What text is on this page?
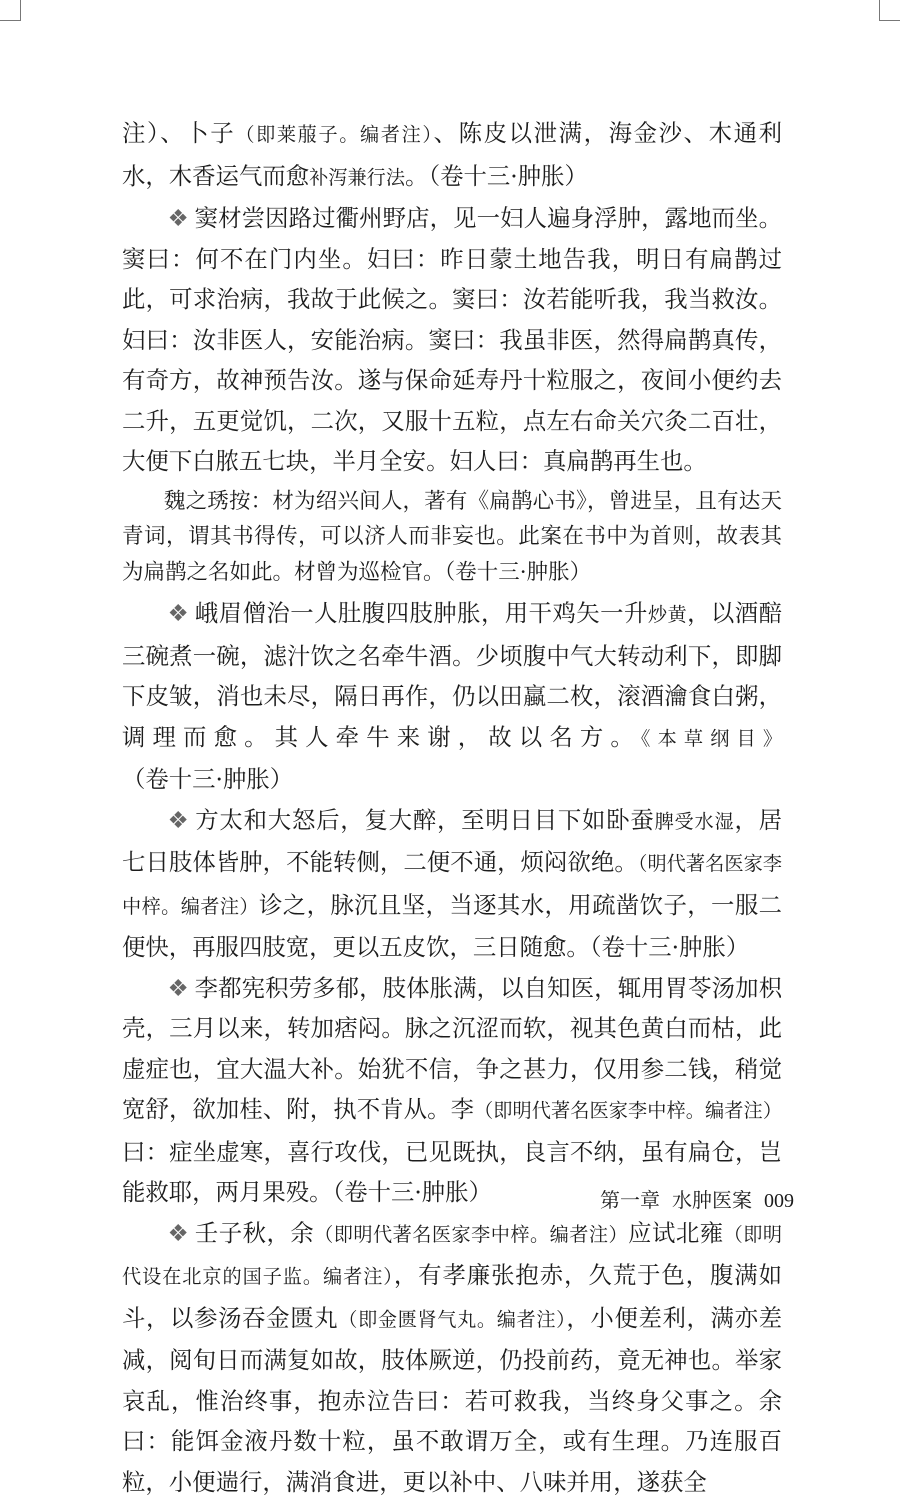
注）、卜子（即莱菔子。编者注）、陈皮以泄满，海金沙、木通利水，木香运气而愈补泻兼行法。（卷十三·肿胀）

❖ 窦材尝因路过衢州野店，见一妇人遍身浮肿，露地而坐。窦曰：何不在门内坐。妇曰：昨日蒙土地告我，明日有扁鹊过此，可求治病，我故于此候之。窦曰：汝若能听我，我当救汝。妇曰：汝非医人，安能治病。窦曰：我虽非医，然得扁鹊真传，有奇方，故神预告汝。遂与保命延寿丹十粒服之，夜间小便约去二升，五更觉饥，二次，又服十五粒，点左右命关穴灸二百壮，大便下白脓五七块，半月全安。妇人曰：真扁鹊再生也。

魏之琇按：材为绍兴间人，著有《扁鹊心书》，曾进呈，且有达天青词，谓其书得传，可以济人而非妄也。此案在书中为首则，故表其为扁鹊之名如此。材曾为巡检官。（卷十三·肿胀）

❖ 峨眉僧治一人肚腹四肢肿胀，用干鸡矢一升炒黄，以酒醅三碗煮一碗，滤汁饮之名牵牛酒。少顷腹中气大转动利下，即脚下皮皱，消也未尽，隔日再作，仍以田蠃二枚，滚酒瀹食白粥，调理而愈。其人牵牛来谢，故以名方。《本草纲目》（卷十三·肿胀）

❖ 方太和大怒后，复大醉，至明日目下如卧蚕脾受水湿，居七日肢体皆肿，不能转侧，二便不通，烦闷欲绝。（明代著名医家李中梓。编者注）诊之，脉沉且坚，当逐其水，用疏凿饮子，一服二便快，再服四肢宽，更以五皮饮，三日随愈。（卷十三·肿胀）

❖ 李都宪积劳多郁，肢体胀满，以自知医，辄用胃苓汤加枳壳，三月以来，转加痞闷。脉之沉涩而软，视其色黄白而枯，此虚症也，宜大温大补。始犹不信，争之甚力，仅用参二钱，稍觉宽舒，欲加桂、附，执不肯从。李（即明代著名医家李中梓。编者注）曰：症坐虚寒，喜行攻伐，已见既执，良言不纳，虽有扁仓，岂能救耶，两月果殁。（卷十三·肿胀）

❖ 壬子秋，余（即明代著名医家李中梓。编者注）应试北雍（即明代设在北京的国子监。编者注），有孝廉张抱赤，久荒于色，腹满如斗，以参汤吞金匮丸（即金匮肾气丸。编者注），小便差利，满亦差减，阅旬日而满复如故，肢体厥逆，仍投前药，竟无神也。举家哀乱，惟治终事，抱赤泣告曰：若可救我，当终身父事之。余曰：能饵金液丹数十粒，虽不敢谓万全，或有生理。乃连服百粒，小便遄行，满消食进，更以补中、八味并用，遂获全

第一章 水肿医案 009
